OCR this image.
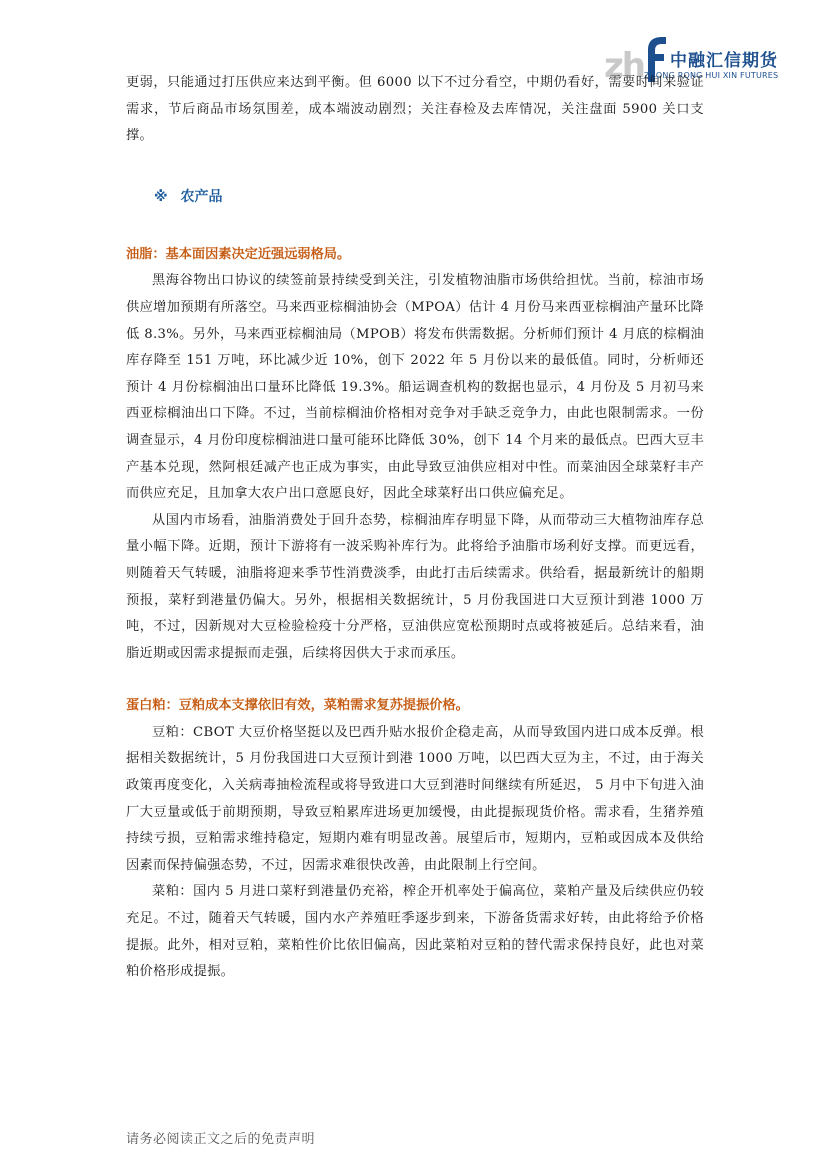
zh 中融汇信期货
ZHONG RONG HUI XIN FUTURES

更弱，只能通过打压供应来达到平衡。但 6000 以下不过分看空，中期仍看好，需要时间来验证需求，节后商品市场氛围差，成本端波动剧烈；关注春检及去库情况，关注盘面 5900 关口支撑。

※ 农产品
油脂：基本面因素决定近强远弱格局。

黑海谷物出口协议的续签前景持续受到关注，引发植物油脂市场供给担忧。当前，棕油市场供应增加预期有所落空。马来西亚棕榈油协会（MPOA）估计 4 月份马来西亚棕榈油产量环比降低 8.3%。另外，马来西亚棕榈油局（MPOB）将发布供需数据。分析师们预计 4 月底的棕榈油库存降至 151 万吨，环比减少近 10%，创下 2022 年 5 月份以来的最低值。同时，分析师还预计 4 月份棕榈油出口量环比降低 19.3%。船运调查机构的数据也显示，4 月份及 5 月初马来西亚棕榈油出口下降。不过，当前棕榈油价格相对竞争对手缺乏竞争力，由此也限制需求。一份调查显示，4 月份印度棕榈油进口量可能环比降低 30%，创下 14 个月来的最低点。巴西大豆丰产基本兑现，然阿根廷减产也正成为事实，由此导致豆油供应相对中性。而菜油因全球菜籽丰产而供应充足，且加拿大农户出口意愿良好，因此全球菜籽出口供应偏充足。

从国内市场看，油脂消费处于回升态势，棕榈油库存明显下降，从而带动三大植物油库存总量小幅下降。近期，预计下游将有一波采购补库行为。此将给予油脂市场利好支撑。而更远看，则随着天气转暖，油脂将迎来季节性消费淡季，由此打击后续需求。供给看，据最新统计的船期预报，菜籽到港量仍偏大。另外，根据相关数据统计，5 月份我国进口大豆预计到港 1000 万吨，不过，因新规对大豆检验检疫十分严格，豆油供应宽松预期时点或将被延后。总结来看，油脂近期或因需求提振而走强，后续将因供大于求而承压。

蛋白粕：豆粕成本支撑依旧有效，菜粕需求复苏提振价格。

豆粕：CBOT 大豆价格坚挺以及巴西升贴水报价企稳走高，从而导致国内进口成本反弹。根据相关数据统计，5 月份我国进口大豆预计到港 1000 万吨，以巴西大豆为主，不过，由于海关政策再度变化，入关病毒抽检流程或将导致进口大豆到港时间继续有所延迟， 5 月中下旬进入油厂大豆量或低于前期预期，导致豆粕累库进场更加缓慢，由此提振现货价格。需求看，生猪养殖持续亏损，豆粕需求维持稳定，短期内难有明显改善。展望后市，短期内，豆粕或因成本及供给因素而保持偏强态势，不过，因需求难很快改善，由此限制上行空间。

菜粕：国内 5 月进口菜籽到港量仍充裕，榨企开机率处于偏高位，菜粕产量及后续供应仍较充足。不过，随着天气转暖，国内水产养殖旺季逐步到来，下游备货需求好转，由此将给予价格提振。此外，相对豆粕，菜粕性价比依旧偏高，因此菜粕对豆粕的替代需求保持良好，此也对菜粕价格形成提振。

请务必阅读正文之后的免责声明
